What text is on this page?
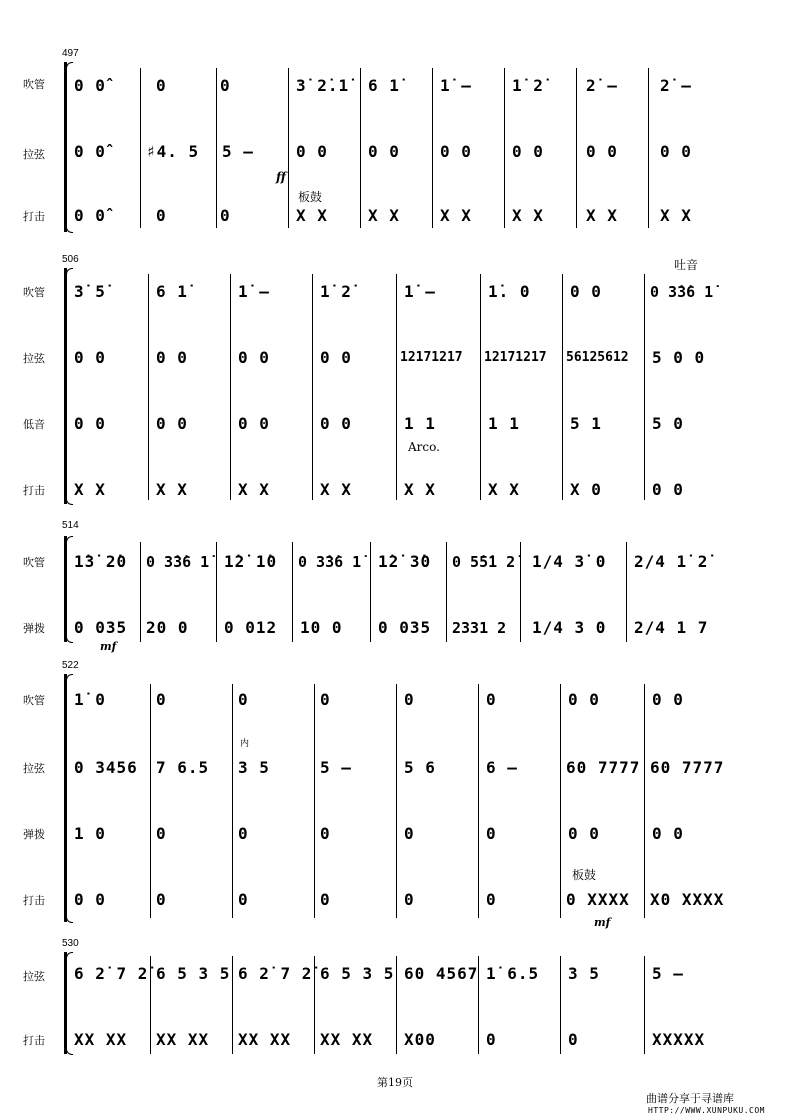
497
吹管
拉弦
打击
0 0̂
0 0̂
0 0̂
0
♯4. 5
0
0
5 —
0
3̇ 2̇.1̇
0 0
X X
6 1̇
0 0
X X
1̇ —
0 0
X X
1̇ 2̇
0 0
X X
2̇ —
0 0
X X
2̇ —
0 0
X X
板鼓
ff
506
吹管
拉弦
低音
打击
3̇ 5̇
0 0
0 0
X X
6 1̇
0 0
0 0
X X
1̇ —
0 0
0 0
X X
1̇ 2̇
0 0
0 0
X X
1̇ —
12171217
1 1
X X
1̇. 0
12171217
1 1
X X
0 0
56125612
5 1
X 0
0 3̇3̇6 1̇
5 0 0
5 0
0 0
吐音
Arco.
514
吹管
弹拨
1̇3̇ 2̇0
0 035
0 3̇3̇6 1̇
20 0
1̇2̇ 1̇0
0 012
0 3̇3̇6 1̇
10 0
1̇2̇ 3̇0
0 035
0 5̇5̇1 2̇
2331 2
1/4 3̇ 0
1/4 3 0
2/4 1̇ 2̇
2/4 1 7
mf
522
吹管
拉弦
弹拨
打击
1̇ 0
0 3456
1 0
0 0
0
7 6.5
0
0
0
3 5
0
0
0
5 —
0
0
0
5 6
0
0
0
6 —
0
0
0 0
60 7777
0 0
0 XXXX
0 0
60 7777
0 0
X0 XXXX
内
板鼓
mf
530
拉弦
打击
6 2̇ 7 2̇
XX XX
6 5 3 5
XX XX
6 2̇ 7 2̇
XX XX
6 5 3 5
XX XX
60 4567
X00
1̇ 6.5
0
3 5
0
5 —
XXXXX
第19页
曲谱分享于寻谱库
HTTP://WWW.XUNPUKU.COM
